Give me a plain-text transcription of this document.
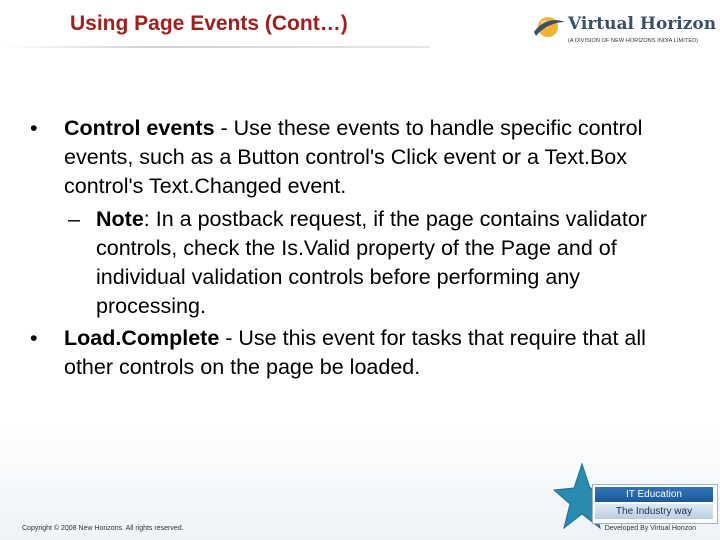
Using Page Events (Cont…)	Virtual Horizon
(A DIVISION OF NEW HORIZONS INDIA LIMITED)
•	Control events - Use these events to handle specific control events, such as a Button control's Click event or a Text.Box control's Text.Changed event.
– Note: In a postback request, if the page contains validator controls, check the Is.Valid property of the Page and of individual validation controls before performing any processing.
•	Load.Complete - Use this event for tasks that require that all other controls on the page be loaded.
IT Education
The Industry way
Copyright © 2008 New Horizons. All rights reserved.	Developed By Virtual Horizon
